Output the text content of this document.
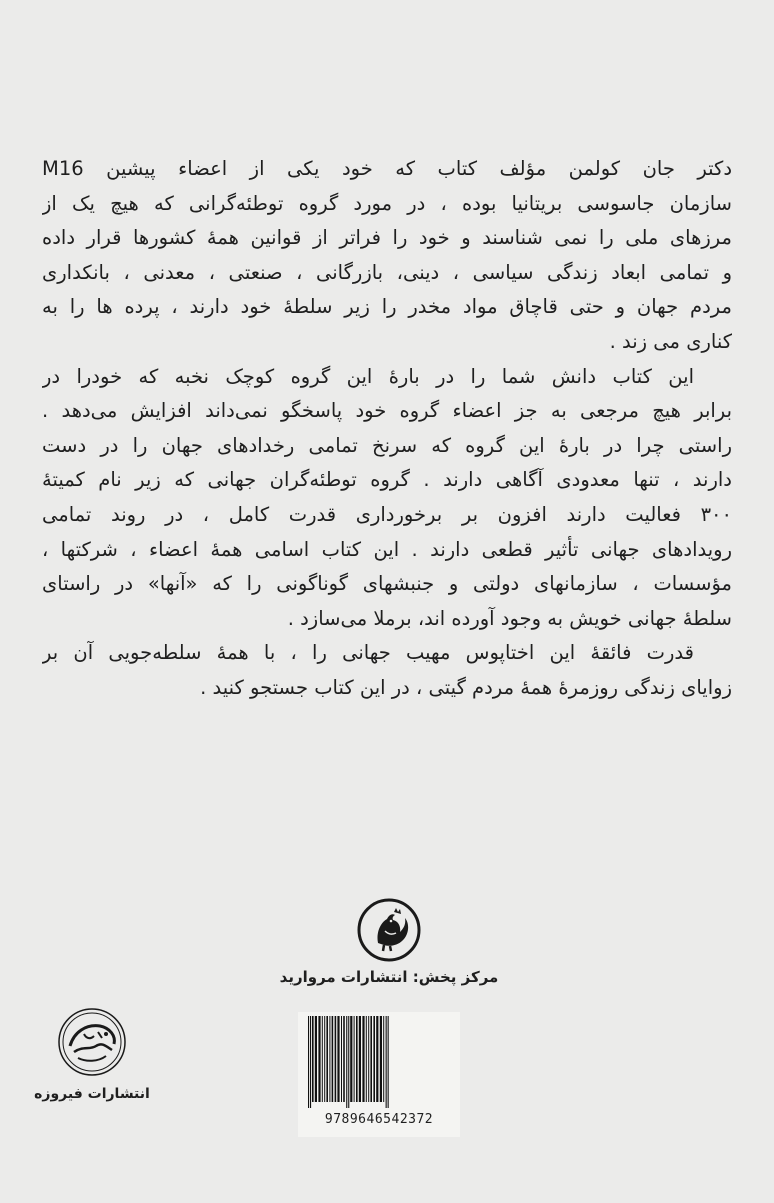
دکتر جان کولمن مؤلف کتاب که خود یکی از اعضاء پیشین M16
سازمان جاسوسی بریتانیا بوده ، در مورد گروه توطئه‌گرانی که هیچ یک از
مرزهای ملی را نمی شناسند و خود را فراتر از قوانین همهٔ کشورها قرار داده
و تمامی ابعاد زندگی سیاسی ، دینی، بازرگانی ، صنعتی ، معدنی ، بانکداری
مردم جهان و حتی قاچاق مواد مخدر را زیر سلطهٔ خود دارند ، پرده ها را به
کناری می زند .
این کتاب دانش شما را در بارهٔ این گروه کوچک نخبه که خودرا در
برابر هیچ مرجعی به جز اعضاء گروه خود پاسخگو نمی‌داند افزایش می‌دهد .
راستی چرا در بارهٔ این گروه که سرنخ تمامی رخدادهای جهان را در دست
دارند ، تنها معدودی آگاهی دارند . گروه توطئه‌گران جهانی که زیر نام کمیتهٔ
۳۰۰ فعالیت دارند افزون بر برخورداری قدرت کامل ، در روند تمامی
رویدادهای جهانی تأثیر قطعی دارند . این کتاب اسامی همهٔ اعضاء ، شرکتها ،
مؤسسات ، سازمانهای دولتی و جنبشهای گوناگونی را که «آنها» در راستای
سلطهٔ جهانی خویش به وجود آورده اند، برملا می‌سازد .
قدرت فائقهٔ این اختاپوس مهیب جهانی را ، با همهٔ سلطه‌جویی آن بر
زوایای زندگی روزمرهٔ همهٔ مردم گیتی ، در این کتاب جستجو کنید .
مرکز پخش: انتشارات مروارید
9789646542372
انتشارات فیروزه
